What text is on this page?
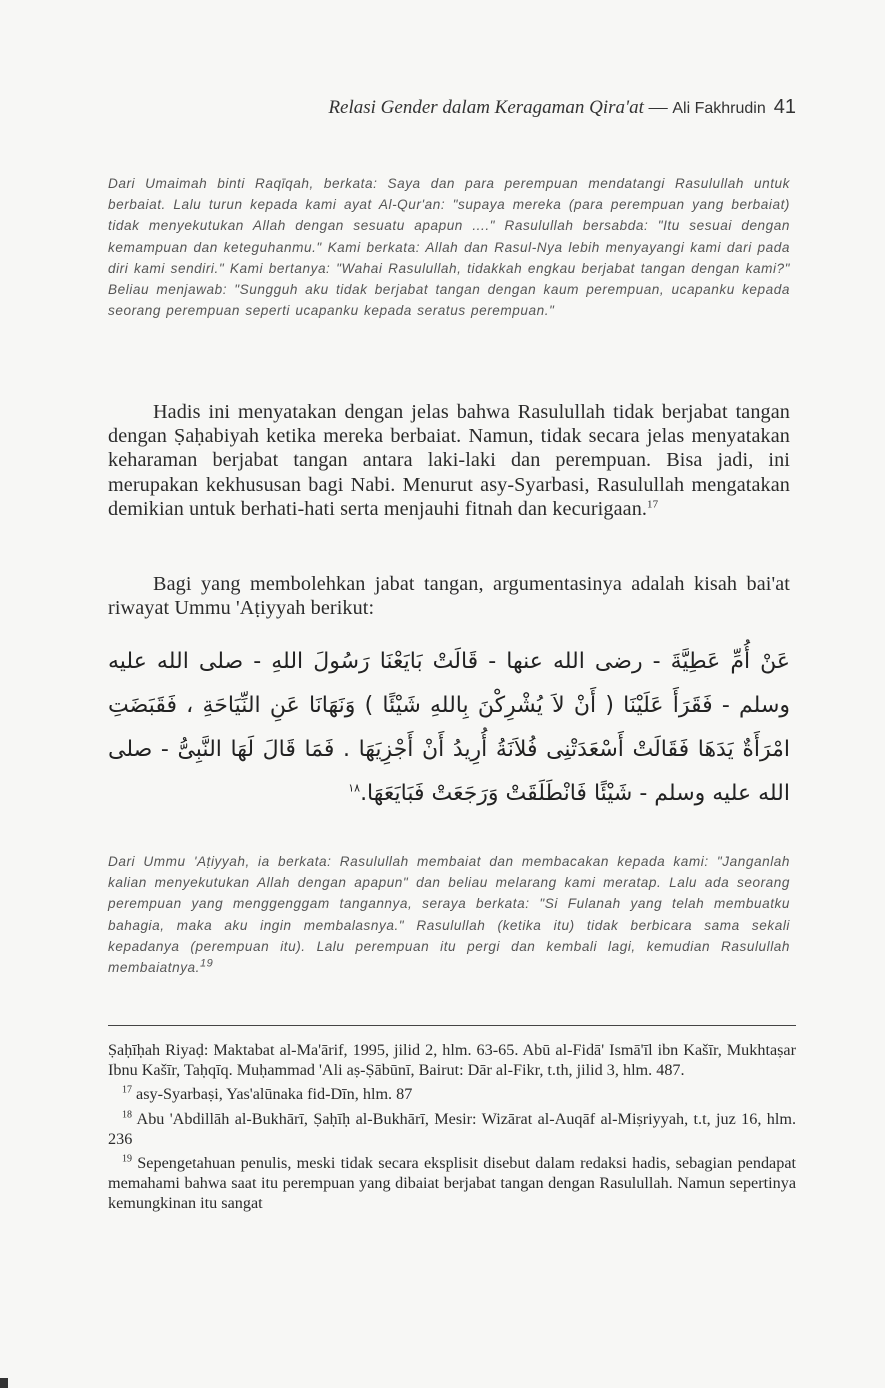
Relasi Gender dalam Keragaman Qira'at — Ali Fakhrudin 41
Dari Umaimah binti Raqīqah, berkata: Saya dan para perempuan mendatangi Rasulullah untuk berbaiat. Lalu turun kepada kami ayat Al-Qur'an: "supaya mereka (para perempuan yang berbaiat) tidak menyekutukan Allah dengan sesuatu apapun ...." Rasulullah bersabda: "Itu sesuai dengan kemampuan dan keteguhanmu." Kami berkata: Allah dan Rasul-Nya lebih menyayangi kami dari pada diri kami sendiri." Kami bertanya: "Wahai Rasulullah, tidakkah engkau berjabat tangan dengan kami?" Beliau menjawab: "Sungguh aku tidak berjabat tangan dengan kaum perempuan, ucapanku kepada seorang perempuan seperti ucapanku kepada seratus perempuan."
Hadis ini menyatakan dengan jelas bahwa Rasulullah tidak berjabat tangan dengan Ṣaḥabiyah ketika mereka berbaiat. Namun, tidak secara jelas menyatakan keharaman berjabat tangan antara laki-laki dan perempuan. Bisa jadi, ini merupakan kekhususan bagi Nabi. Menurut asy-Syarbasi, Rasulullah mengatakan demikian untuk berhati-hati serta menjauhi fitnah dan kecurigaan.$^{17}$
Bagi yang membolehkan jabat tangan, argumentasinya adalah kisah bai'at riwayat Ummu 'Aṭiyyah berikut:
عَنْ أُمِّ عَطِيَّةَ - رضى الله عنها - قَالَتْ بَايَعْنَا رَسُولَ اللهِ - صلى الله عليه وسلم - فَقَرَأَ عَلَيْنَا ( أَنْ لاَ يُشْرِكْنَ بِاللهِ شَيْئًا ) وَنَهَانَا عَنِ النِّيَاحَةِ ، فَقَبَضَتِ امْرَأَةٌ يَدَهَا فَقَالَتْ أَسْعَدَتْنِى فُلاَنَةُ أُرِيدُ أَنْ أَجْزِيَهَا . فَمَا قَالَ لَهَا النَّبِىُّ - صلى الله عليه وسلم - شَيْئًا فَانْطَلَقَتْ وَرَجَعَتْ فَبَايَعَهَا.$^{١٨}$
Dari Ummu 'Aṭiyyah, ia berkata: Rasulullah membaiat dan membacakan kepada kami: "Janganlah kalian menyekutukan Allah dengan apapun" dan beliau melarang kami meratap. Lalu ada seorang perempuan yang menggenggam tangannya, seraya berkata: "Si Fulanah yang telah membuatku bahagia, maka aku ingin membalasnya." Rasulullah (ketika itu) tidak berbicara sama sekali kepadanya (perempuan itu). Lalu perempuan itu pergi dan kembali lagi, kemudian Rasulullah membaiatnya.$^{19}$

Ṣaḥīḥah Riyaḍ: Maktabat al-Ma'ārif, 1995, jilid 2, hlm. 63-65. Abū al-Fidā' Ismā'īl ibn Kašīr, Mukhtaṣar Ibnu Kašīr, Taḥqīq. Muḥammad 'Ali aṣ-Ṣābūnī, Bairut: Dār al-Fikr, t.th, jilid 3, hlm. 487.

$^{17}$ asy-Syarbaṣi, Yas'alūnaka fid-Dīn, hlm. 87

$^{18}$ Abu 'Abdillāh al-Bukhārī, Ṣaḥīḥ al-Bukhārī, Mesir: Wizārat al-Auqāf al-Miṣriyyah, t.t, juz 16, hlm. 236

$^{19}$ Sepengetahuan penulis, meski tidak secara eksplisit disebut dalam redaksi hadis, sebagian pendapat memahami bahwa saat itu perempuan yang dibaiat berjabat tangan dengan Rasulullah. Namun sepertinya kemungkinan itu sangat
